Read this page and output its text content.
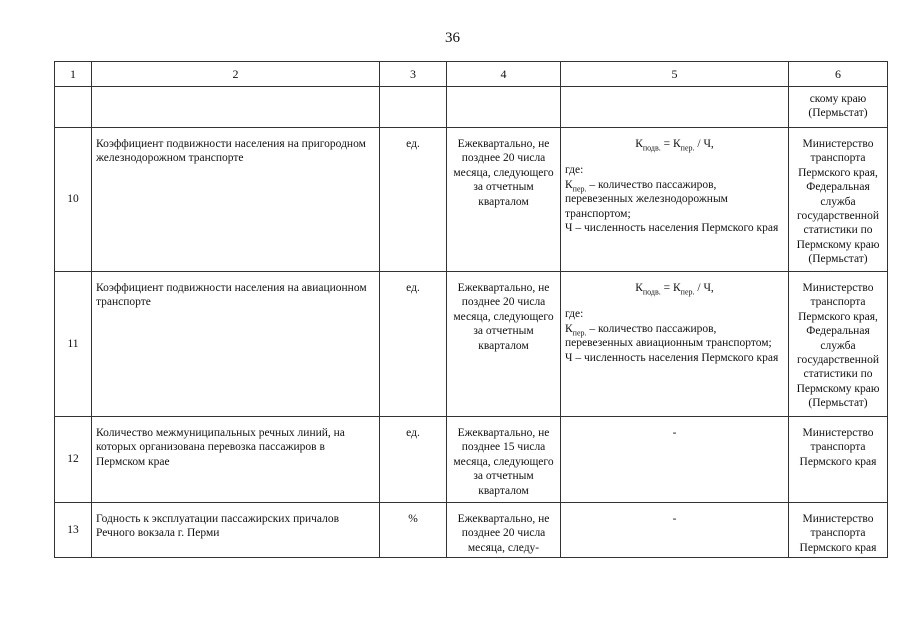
36
1	2	3	4	5	6
					скому краю (Пермьстат)
10	Коэффициент подвижности населения на пригородном железнодорожном транспорте	ед.	Ежеквартально, не позднее 20 числа месяца, следующего за отчетным кварталом	$К_{подв.} = К_{пер.} / Ч$,
где:
$К_{пер.}$ – количество пассажиров, перевезенных железнодорожным транспортом;
Ч – численность населения Пермского края	Министерство транспорта Пермского края, Федеральная служба государственной статистики по Пермскому краю (Пермьстат)
11	Коэффициент подвижности населения на авиационном транспорте	ед.	Ежеквартально, не позднее 20 числа месяца, следующего за отчетным кварталом	$К_{подв.} = К_{пер.} / Ч$,
где:
$К_{пер.}$ – количество пассажиров, перевезенных авиационным транспортом;
Ч – численность населения Пермского края	Министерство транспорта Пермского края, Федеральная служба государственной статистики по Пермскому краю (Пермьстат)
12	Количество межмуниципальных речных линий, на которых организована перевозка пассажиров в Пермском крае	ед.	Ежеквартально, не позднее 15 числа месяца, следующего за отчетным кварталом	-	Министерство транспорта Пермского края
13	Годность к эксплуатации пассажирских причалов Речного вокзала г. Перми	%	Ежеквартально, не позднее 20 числа месяца, следу-	-	Министерство транспорта Пермского края
